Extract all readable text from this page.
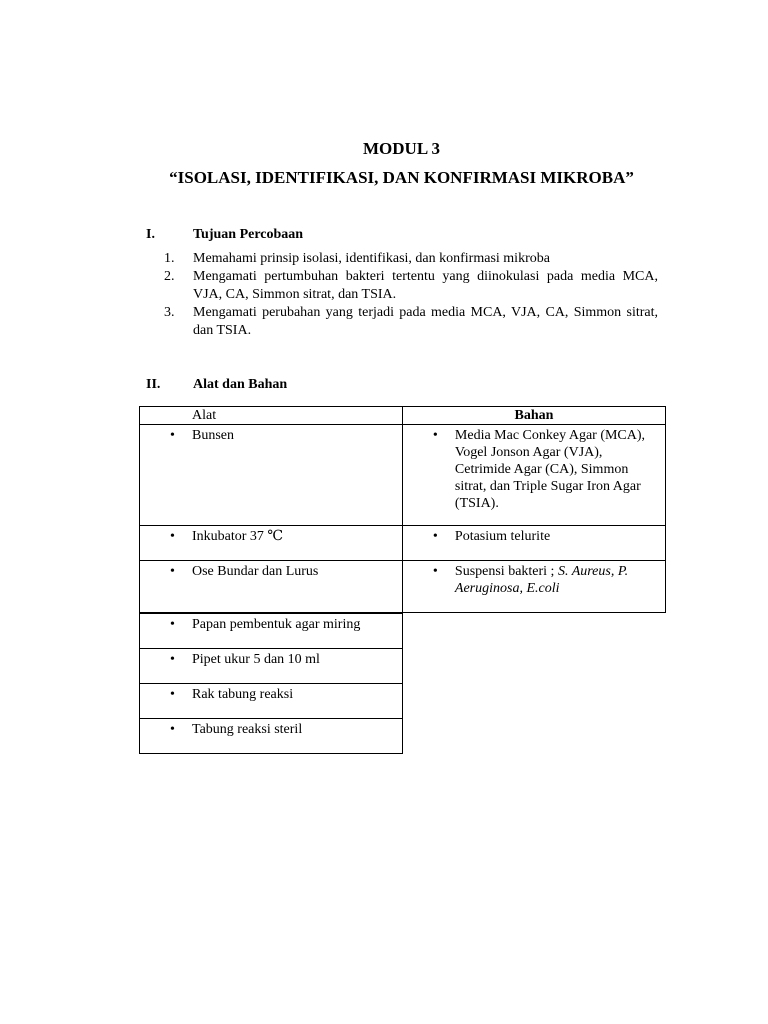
MODUL 3
“ISOLASI, IDENTIFIKASI, DAN KONFIRMASI MIKROBA”
I.	Tujuan Percobaan
1.	Memahami prinsip isolasi, identifikasi, dan konfirmasi mikroba
2.	Mengamati pertumbuhan bakteri tertentu yang diinokulasi pada media MCA, VJA, CA, Simmon sitrat, dan TSIA.
3.	Mengamati perubahan yang terjadi pada media MCA, VJA, CA, Simmon sitrat, dan TSIA.
II. Alat dan Bahan
Alat	Bahan

• Bunsen	• Media Mac Conkey Agar (MCA), Vogel Jonson Agar (VJA), Cetrimide Agar (CA), Simmon sitrat, dan Triple Sugar Iron Agar (TSIA).

• Inkubator 37 ℃	• Potasium telurite

• Ose Bundar dan Lurus	• Suspensi bakteri ; S. Aureus, P. Aeruginosa, E.coli
• Papan pembentuk agar miring

• Pipet ukur 5 dan 10 ml

• Rak tabung reaksi

• Tabung reaksi steril
